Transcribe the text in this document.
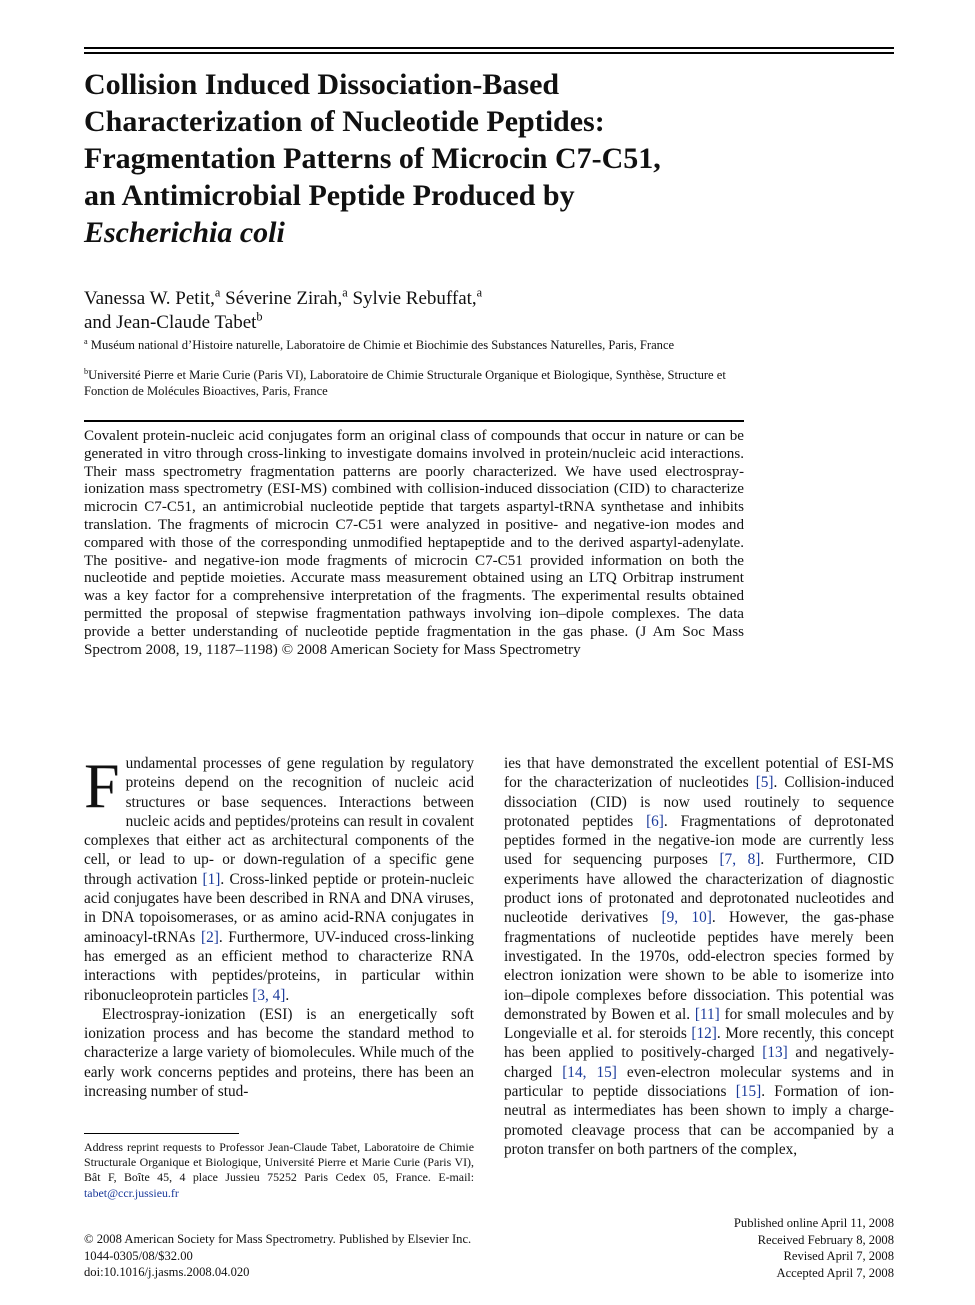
Collision Induced Dissociation-Based
Characterization of Nucleotide Peptides:
Fragmentation Patterns of Microcin C7-C51,
an Antimicrobial Peptide Produced by
Escherichia coli
Vanessa W. Petit,$^a$ Séverine Zirah,$^a$ Sylvie Rebuffat,$^a$
and Jean-Claude Tabet$^b$
$^a$ Muséum national d’Histoire naturelle, Laboratoire de Chimie et Biochimie des Substances Naturelles, Paris, France
$^b$Université Pierre et Marie Curie (Paris VI), Laboratoire de Chimie Structurale Organique et Biologique, Synthèse, Structure et Fonction de Molécules Bioactives, Paris, France
Covalent protein-nucleic acid conjugates form an original class of compounds that occur in nature or can be generated in vitro through cross-linking to investigate domains involved in protein/nucleic acid interactions. Their mass spectrometry fragmentation patterns are poorly characterized. We have used electrospray-ionization mass spectrometry (ESI-MS) combined with collision-induced dissociation (CID) to characterize microcin C7-C51, an antimicrobial nucleotide peptide that targets aspartyl-tRNA synthetase and inhibits translation. The fragments of microcin C7-C51 were analyzed in positive- and negative-ion modes and compared with those of the corresponding unmodified heptapeptide and to the derived aspartyl-adenylate. The positive- and negative-ion mode fragments of microcin C7-C51 provided information on both the nucleotide and peptide moieties. Accurate mass measurement obtained using an LTQ Orbitrap instrument was a key factor for a comprehensive interpretation of the fragments. The experimental results obtained permitted the proposal of stepwise fragmentation pathways involving ion–dipole complexes. The data provide a better understanding of nucleotide peptide fragmentation in the gas phase. (J Am Soc Mass Spectrom 2008, 19, 1187–1198) © 2008 American Society for Mass Spectrometry

Fundamental processes of gene regulation by regulatory proteins depend on the recognition of nucleic acid structures or base sequences. Interactions between nucleic acids and peptides/proteins can result in covalent complexes that either act as architectural components of the cell, or lead to up- or down-regulation of a specific gene through activation [1]. Cross-linked peptide or protein-nucleic acid conjugates have been described in RNA and DNA viruses, in DNA topoisomerases, or as amino acid-RNA conjugates in aminoacyl-tRNAs [2]. Furthermore, UV-induced cross-linking has emerged as an efficient method to characterize RNA interactions with peptides/proteins, in particular within ribonucleoprotein particles [3, 4].

Electrospray-ionization (ESI) is an energetically soft ionization process and has become the standard method to characterize a large variety of biomolecules. While much of the early work concerns peptides and proteins, there has been an increasing number of stud-

ies that have demonstrated the excellent potential of ESI-MS for the characterization of nucleotides [5]. Collision-induced dissociation (CID) is now used routinely to sequence protonated peptides [6]. Fragmentations of deprotonated peptides formed in the negative-ion mode are currently less used for sequencing purposes [7, 8]. Furthermore, CID experiments have allowed the characterization of diagnostic product ions of protonated and deprotonated nucleotides and nucleotide derivatives [9, 10]. However, the gas-phase fragmentations of nucleotide peptides have merely been investigated. In the 1970s, odd-electron species formed by electron ionization were shown to be able to isomerize into ion–dipole complexes before dissociation. This potential was demonstrated by Bowen et al. [11] for small molecules and by Longevialle et al. for steroids [12]. More recently, this concept has been applied to positively-charged [13] and negatively-charged [14, 15] even-electron molecular systems and in particular to peptide dissociations [15]. Formation of ion-neutral as intermediates has been shown to imply a charge-promoted cleavage process that can be accompanied by a proton transfer on both partners of the complex,

Address reprint requests to Professor Jean-Claude Tabet, Laboratoire de Chimie Structurale Organique et Biologique, Université Pierre et Marie Curie (Paris VI), Bât F, Boîte 45, 4 place Jussieu 75252 Paris Cedex 05, France. E-mail: tabet@ccr.jussieu.fr
© 2008 American Society for Mass Spectrometry. Published by Elsevier Inc.
1044-0305/08/$32.00
doi:10.1016/j.jasms.2008.04.020
Published online April 11, 2008
Received February 8, 2008
Revised April 7, 2008
Accepted April 7, 2008
